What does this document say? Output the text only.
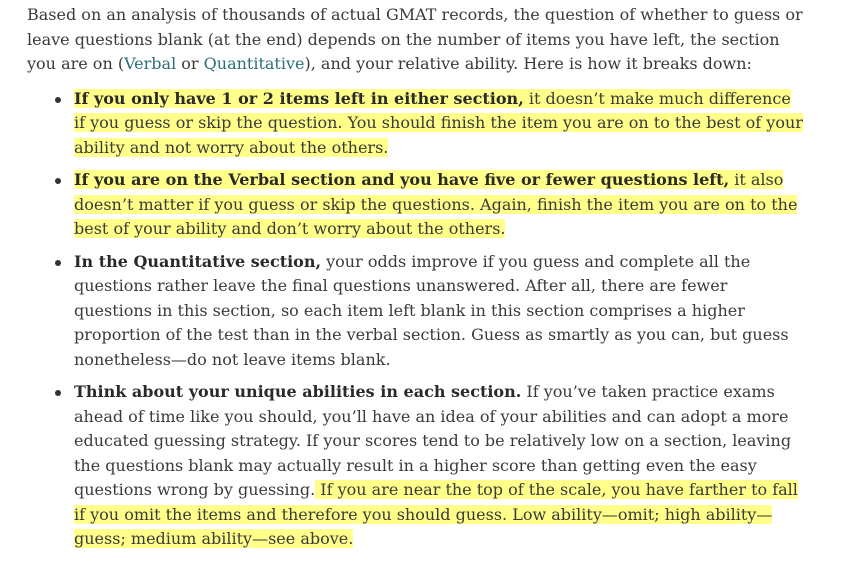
Based on an analysis of thousands of actual GMAT records, the question of whether to guess or leave questions blank (at the end) depends on the number of items you have left, the section you are on (Verbal or Quantitative), and your relative ability. Here is how it breaks down:

If you only have 1 or 2 items left in either section, it doesn’t make much difference if you guess or skip the question. You should finish the item you are on to the best of your ability and not worry about the others.
If you are on the Verbal section and you have five or fewer questions left, it also doesn’t matter if you guess or skip the questions. Again, finish the item you are on to the best of your ability and don’t worry about the others.
In the Quantitative section, your odds improve if you guess and complete all the questions rather leave the final questions unanswered. After all, there are fewer questions in this section, so each item left blank in this section comprises a higher proportion of the test than in the verbal section. Guess as smartly as you can, but guess nonetheless—do not leave items blank.
Think about your unique abilities in each section. If you’ve taken practice exams ahead of time like you should, you’ll have an idea of your abilities and can adopt a more educated guessing strategy. If your scores tend to be relatively low on a section, leaving the questions blank may actually result in a higher score than getting even the easy questions wrong by guessing. If you are near the top of the scale, you have farther to fall if you omit the items and therefore you should guess. Low ability—omit; high ability—guess; medium ability—see above.
